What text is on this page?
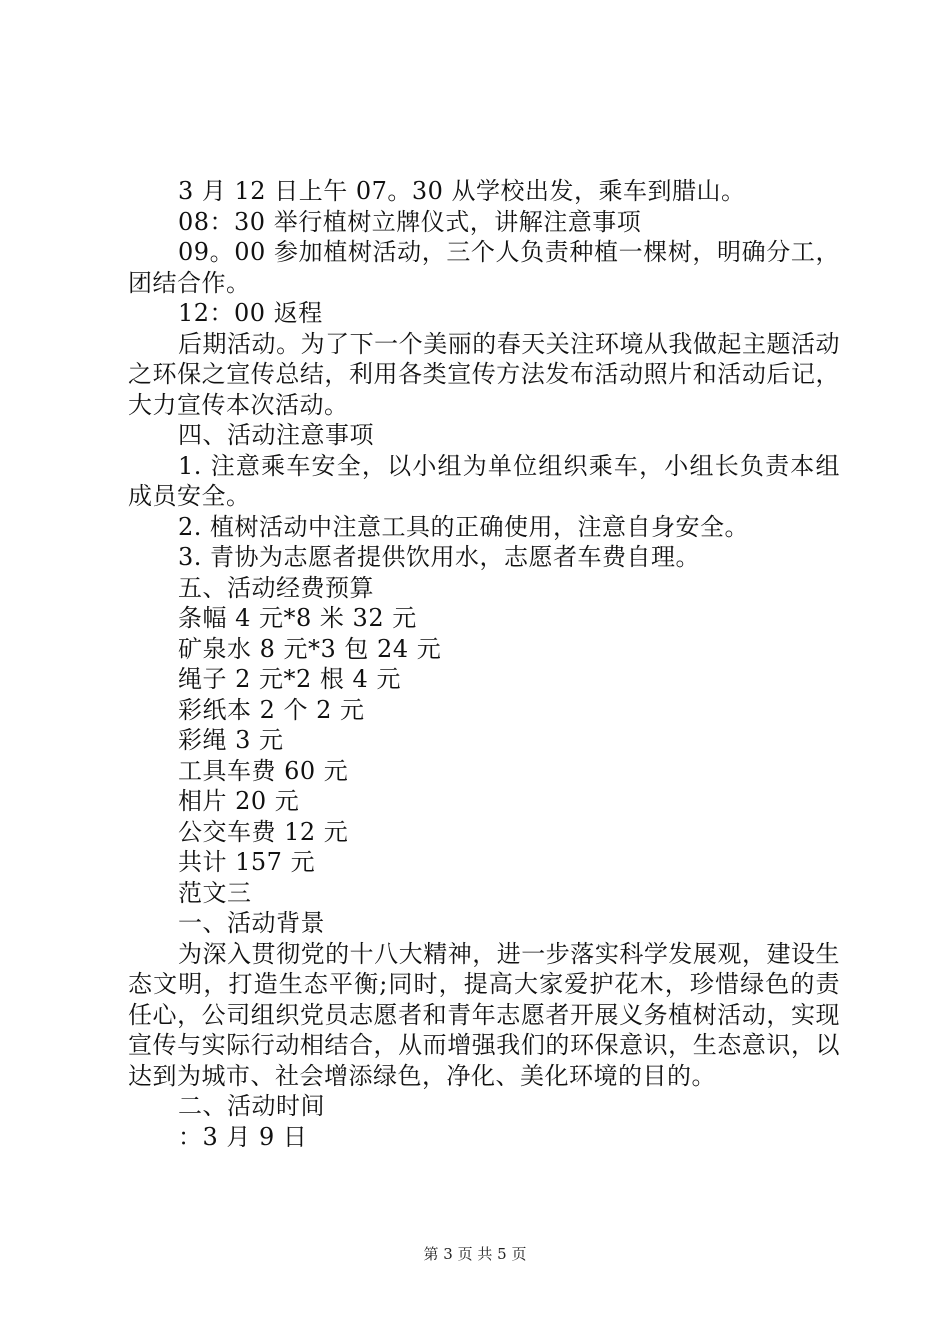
3 月 12 日上午 07。30 从学校出发，乘车到腊山。
08：30 举行植树立牌仪式，讲解注意事项
09。00 参加植树活动，三个人负责种植一棵树，明确分工，团结合作。
12：00 返程
后期活动。为了下一个美丽的春天关注环境从我做起主题活动之环保之宣传总结，利用各类宣传方法发布活动照片和活动后记，大力宣传本次活动。
四、活动注意事项
1. 注意乘车安全，以小组为单位组织乘车，小组长负责本组成员安全。
2. 植树活动中注意工具的正确使用，注意自身安全。
3. 青协为志愿者提供饮用水，志愿者车费自理。
五、活动经费预算
条幅 4 元*8 米 32 元
矿泉水 8 元*3 包 24 元
绳子 2 元*2 根 4 元
彩纸本 2 个 2 元
彩绳 3 元
工具车费 60 元
相片 20 元
公交车费 12 元
共计 157 元
范文三
一、活动背景
为深入贯彻党的十八大精神，进一步落实科学发展观，建设生态文明，打造生态平衡;同时，提高大家爱护花木，珍惜绿色的责任心，公司组织党员志愿者和青年志愿者开展义务植树活动，实现宣传与实际行动相结合，从而增强我们的环保意识，生态意识，以达到为城市、社会增添绿色，净化、美化环境的目的。
二、活动时间
：3 月 9 日
第 3 页 共 5 页
